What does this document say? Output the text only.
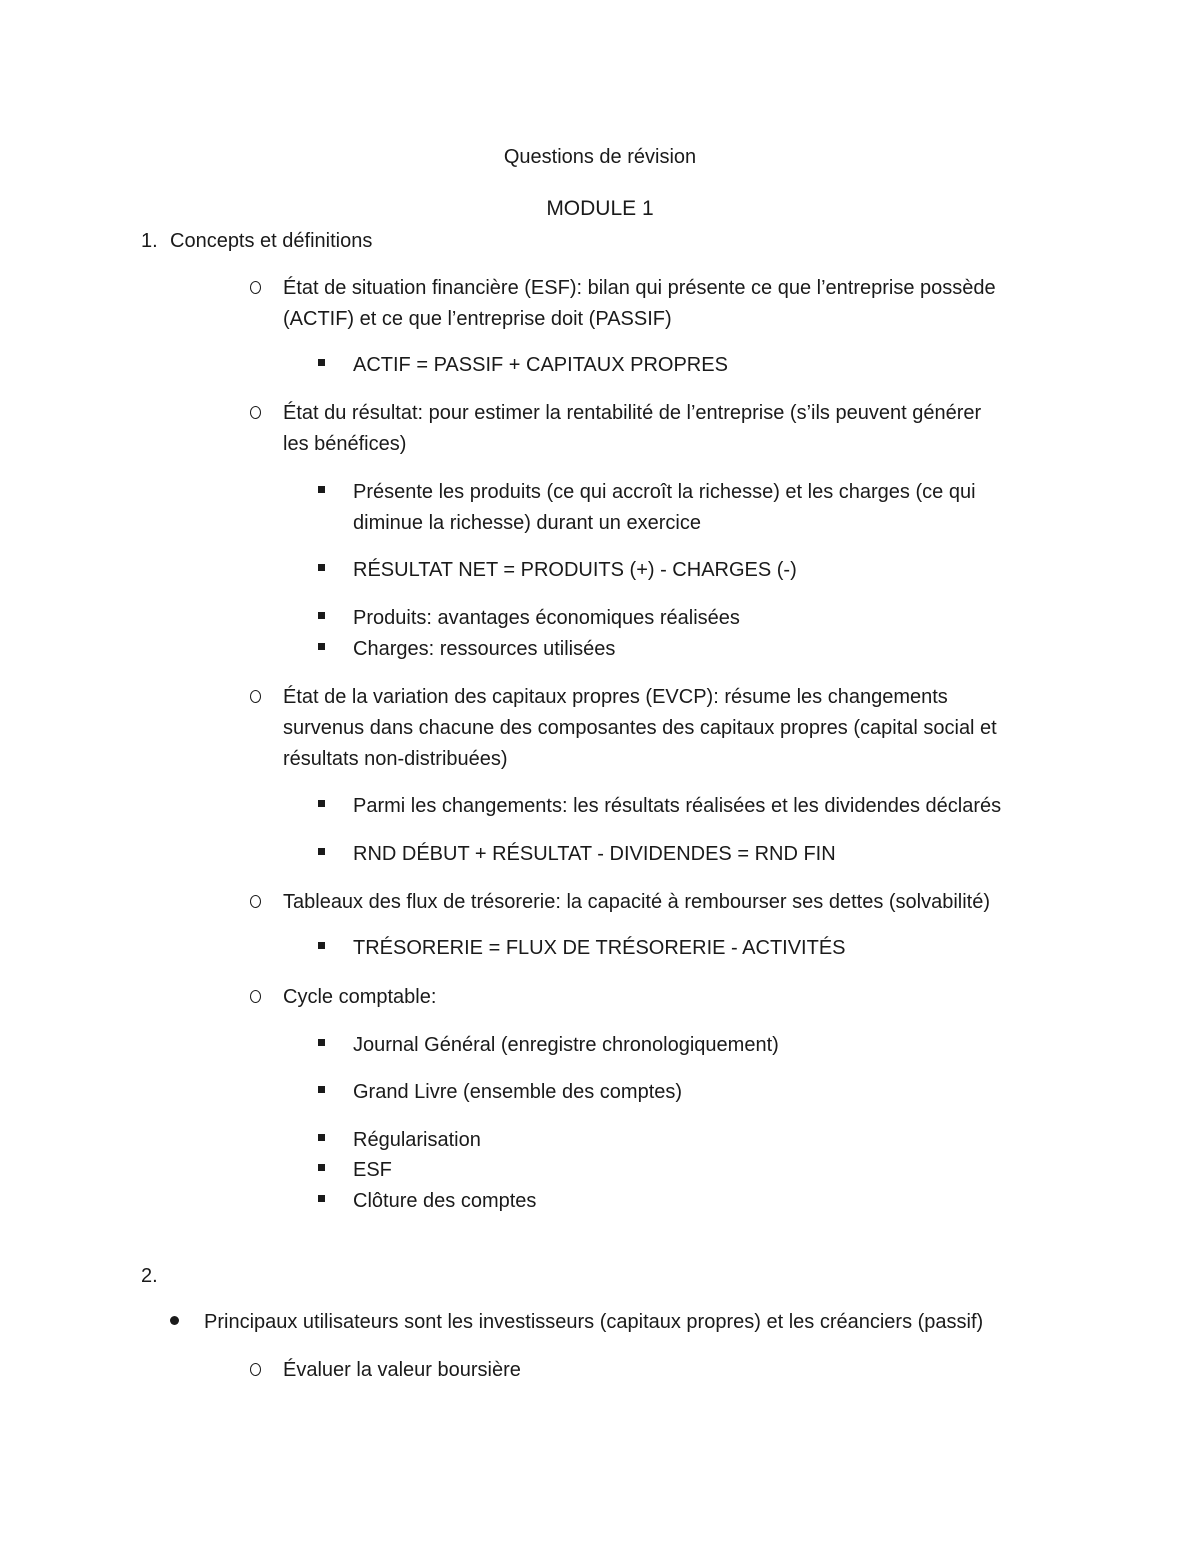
Questions de révision
MODULE 1
1. Concepts et définitions
État de situation financière (ESF): bilan qui présente ce que l’entreprise possède
(ACTIF) et ce que l’entreprise doit (PASSIF)
ACTIF = PASSIF + CAPITAUX PROPRES
État du résultat: pour estimer la rentabilité de l’entreprise (s’ils peuvent générer
les bénéfices)
Présente les produits (ce qui accroît la richesse) et les charges (ce qui
diminue la richesse) durant un exercice
RÉSULTAT NET = PRODUITS (+) - CHARGES (-)
Produits: avantages économiques réalisées
Charges: ressources utilisées
État de la variation des capitaux propres (EVCP): résume les changements
survenus dans chacune des composantes des capitaux propres (capital social et
résultats non-distribuées)
Parmi les changements: les résultats réalisées et les dividendes déclarés
RND DÉBUT + RÉSULTAT - DIVIDENDES = RND FIN
Tableaux des flux de trésorerie: la capacité à rembourser ses dettes (solvabilité)
TRÉSORERIE = FLUX DE TRÉSORERIE - ACTIVITÉS
Cycle comptable:
Journal Général (enregistre chronologiquement)
Grand Livre (ensemble des comptes)
Régularisation
ESF
Clôture des comptes
2.
Principaux utilisateurs sont les investisseurs (capitaux propres) et les créanciers (passif)
Évaluer la valeur boursière
